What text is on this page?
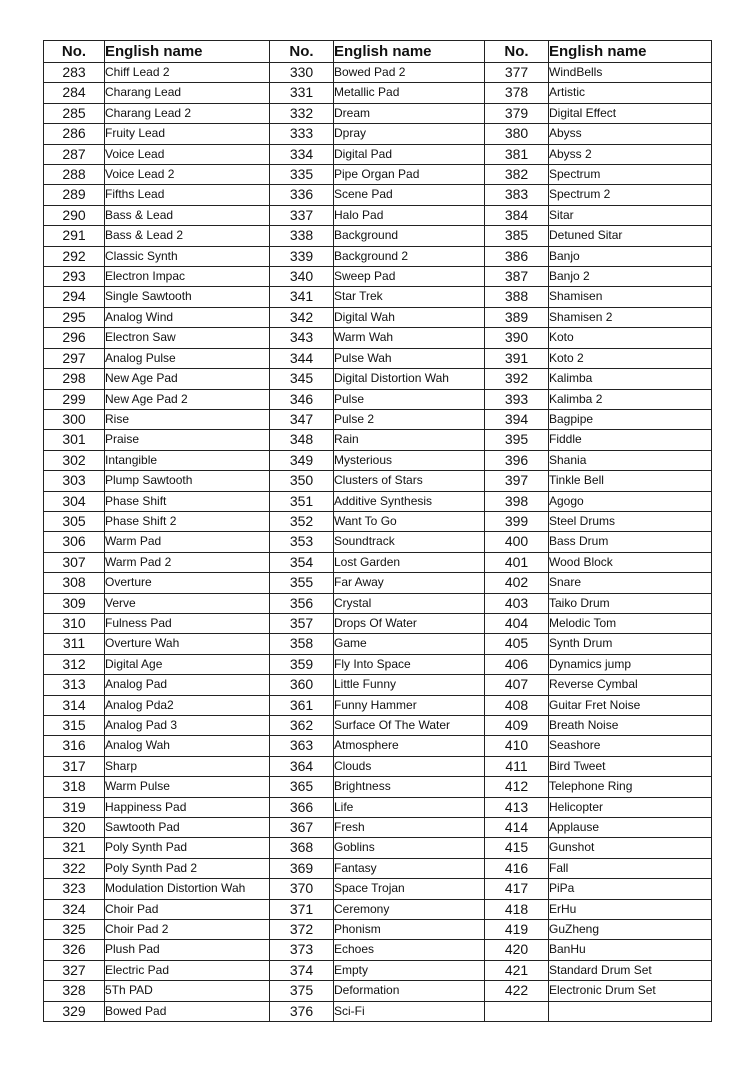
No.	English name	No.	English name	No.	English name
283	Chiff Lead 2	330	Bowed Pad 2	377	WindBells
284	Charang Lead	331	Metallic Pad	378	Artistic
285	Charang Lead 2	332	Dream	379	Digital Effect
286	Fruity Lead	333	Dpray	380	Abyss
287	Voice Lead	334	Digital Pad	381	Abyss 2
288	Voice Lead 2	335	Pipe Organ Pad	382	Spectrum
289	Fifths Lead	336	Scene Pad	383	Spectrum 2
290	Bass & Lead	337	Halo Pad	384	Sitar
291	Bass & Lead 2	338	Background	385	Detuned Sitar
292	Classic Synth	339	Background 2	386	Banjo
293	Electron Impac	340	Sweep Pad	387	Banjo 2
294	Single Sawtooth	341	Star Trek	388	Shamisen
295	Analog Wind	342	Digital Wah	389	Shamisen 2
296	Electron Saw	343	Warm Wah	390	Koto
297	Analog Pulse	344	Pulse Wah	391	Koto 2
298	New Age Pad	345	Digital Distortion Wah	392	Kalimba
299	New Age Pad 2	346	Pulse	393	Kalimba 2
300	Rise	347	Pulse 2	394	Bagpipe
301	Praise	348	Rain	395	Fiddle
302	Intangible	349	Mysterious	396	Shania
303	Plump Sawtooth	350	Clusters of Stars	397	Tinkle Bell
304	Phase Shift	351	Additive Synthesis	398	Agogo
305	Phase Shift 2	352	Want To Go	399	Steel Drums
306	Warm Pad	353	Soundtrack	400	Bass Drum
307	Warm Pad 2	354	Lost Garden	401	Wood Block
308	Overture	355	Far Away	402	Snare
309	Verve	356	Crystal	403	Taiko Drum
310	Fulness Pad	357	Drops Of Water	404	Melodic Tom
311	Overture Wah	358	Game	405	Synth Drum
312	Digital Age	359	Fly Into Space	406	Dynamics jump
313	Analog Pad	360	Little Funny	407	Reverse Cymbal
314	Analog Pda2	361	Funny Hammer	408	Guitar Fret Noise
315	Analog Pad 3	362	Surface Of The Water	409	Breath Noise
316	Analog Wah	363	Atmosphere	410	Seashore
317	Sharp	364	Clouds	411	Bird Tweet
318	Warm Pulse	365	Brightness	412	Telephone Ring
319	Happiness Pad	366	Life	413	Helicopter
320	Sawtooth Pad	367	Fresh	414	Applause
321	Poly Synth Pad	368	Goblins	415	Gunshot
322	Poly Synth Pad 2	369	Fantasy	416	Fall
323	Modulation Distortion Wah	370	Space Trojan	417	PiPa
324	Choir Pad	371	Ceremony	418	ErHu
325	Choir Pad 2	372	Phonism	419	GuZheng
326	Plush Pad	373	Echoes	420	BanHu
327	Electric Pad	374	Empty	421	Standard Drum Set
328	5Th PAD	375	Deformation	422	Electronic Drum Set
329	Bowed Pad	376	Sci-Fi		
